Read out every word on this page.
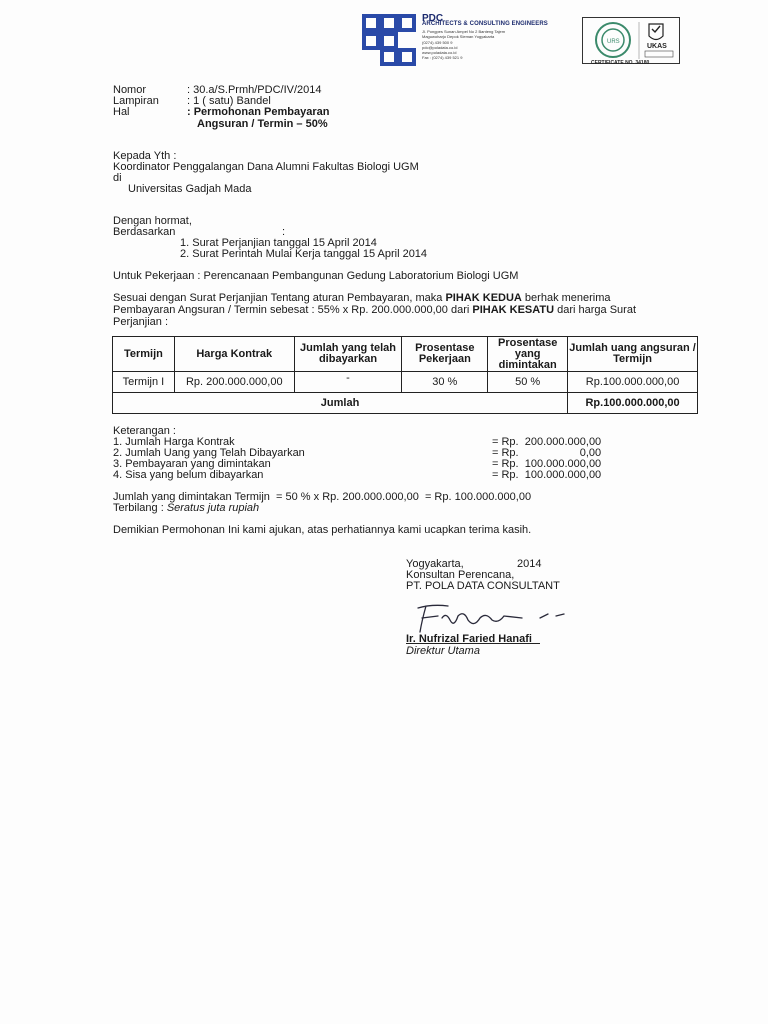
PDC
ARCHITECTS & CONSULTING ENGINEERS
Jl. Pongpes Sunan Ampel No 2 Banteng Tajem
Maguwoharjo Depok Sleman Yogyakarta
(0274) 439 500 9
pdc@poladata.co.id
www.poladata.co.id
Fax : (0274) 439 521 9
URS
UKAS
CERTIFICATE NO. 34180
Nomor	: 30.a/S.Prmh/PDC/IV/2014
Lampiran	: 1 ( satu) Bandel
Hal	: Permohonan Pembayaran
Angsuran / Termin – 50%
Kepada Yth :
Koordinator Penggalangan Dana Alumni Fakultas Biologi UGM
di
Universitas Gadjah Mada
Dengan hormat,
Berdasarkan	:
1. Surat Perjanjian tanggal 15 April 2014
2. Surat Perintah Mulai Kerja tanggal 15 April 2014
Untuk Pekerjaan : Perencanaan Pembangunan Gedung Laboratorium Biologi UGM
Sesuai dengan Surat Perjanjian Tentang aturan Pembayaran, maka PIHAK KEDUA berhak menerima
Pembayaran Angsuran / Termin sebesat : 55% x Rp. 200.000.000,00 dari PIHAK KESATU dari harga Surat
Perjanjian :
Termijn	Harga Kontrak	Jumlah yang telah dibayarkan	Prosentase Pekerjaan	Prosentase yang dimintakan	Jumlah uang angsuran / Termijn
Termijn I	Rp. 200.000.000,00	-	30 %	50 %	Rp.100.000.000,00
Jumlah					Rp.100.000.000,00
Keterangan :
1. Jumlah Harga Kontrak	= Rp.  200.000.000,00
2. Jumlah Uang yang Telah Dibayarkan	= Rp.                    0,00
3. Pembayaran yang dimintakan	= Rp.  100.000.000,00
4. Sisa yang belum dibayarkan	= Rp.  100.000.000,00
Jumlah yang dimintakan Termijn  = 50 % x Rp. 200.000.000,00  = Rp. 100.000.000,00
Terbilang : Seratus juta rupiah
Demikian Permohonan Ini kami ajukan, atas perhatiannya kami ucapkan terima kasih.
Yogyakarta,	2014
Konsultan Perencana,
PT. POLA DATA CONSULTANT
Ir. Nufrizal Faried Hanafi
Direktur Utama
